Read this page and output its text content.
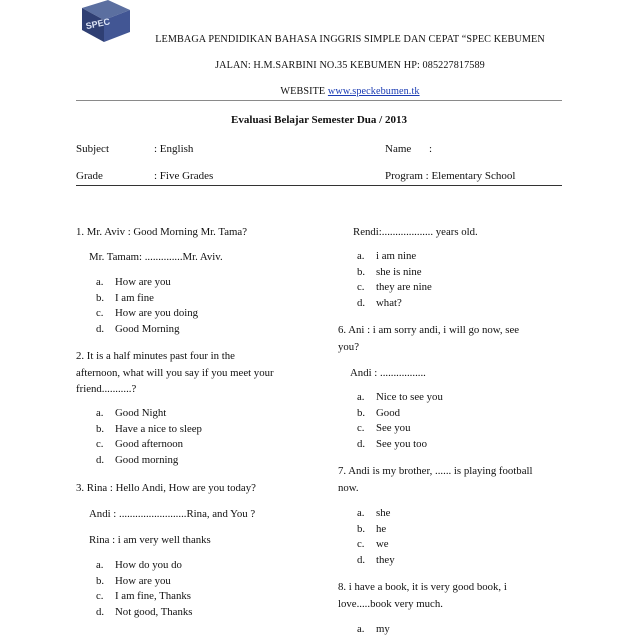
SPEC
LEMBAGA PENDIDIKAN BAHASA INGGRIS SIMPLE DAN CEPAT “SPEC KEBUMEN
JALAN: H.M.SARBINI NO.35 KEBUMEN HP: 085227817589
WEBSITE www.speckebumen.tk
Evaluasi Belajar Semester Dua / 2013
Subject	: English	Name :
Grade	: Five Grades	Program : Elementary School
1. Mr. Aviv : Good Morning Mr. Tama?
Mr. Tamam: ..............Mr. Aviv.
a. How are you
b. I am fine
c. How are you doing
d. Good Morning
2. It is a half minutes past four in the
afternoon, what will you say if you meet your
friend...........?
a. Good Night
b. Have a nice to sleep
c. Good afternoon
d. Good morning
3. Rina : Hello Andi, How are you today?
Andi : .........................Rina, and You ?
Rina : i am very well thanks
a. How do you do
b. How are you
c. I am fine, Thanks
d. Not good, Thanks
Rendi:................... years old.
a. i am nine
b. she is nine
c. they are nine
d. what?
6. Ani : i am sorry andi, i will go now, see
you?
Andi : .................
a. Nice to see you
b. Good
c. See you
d. See you too
7. Andi is my brother, ...... is playing football
now.
a. she
b. he
c. we
d. they
8. i have a book, it is very good book, i
love.....book very much.
a. my
